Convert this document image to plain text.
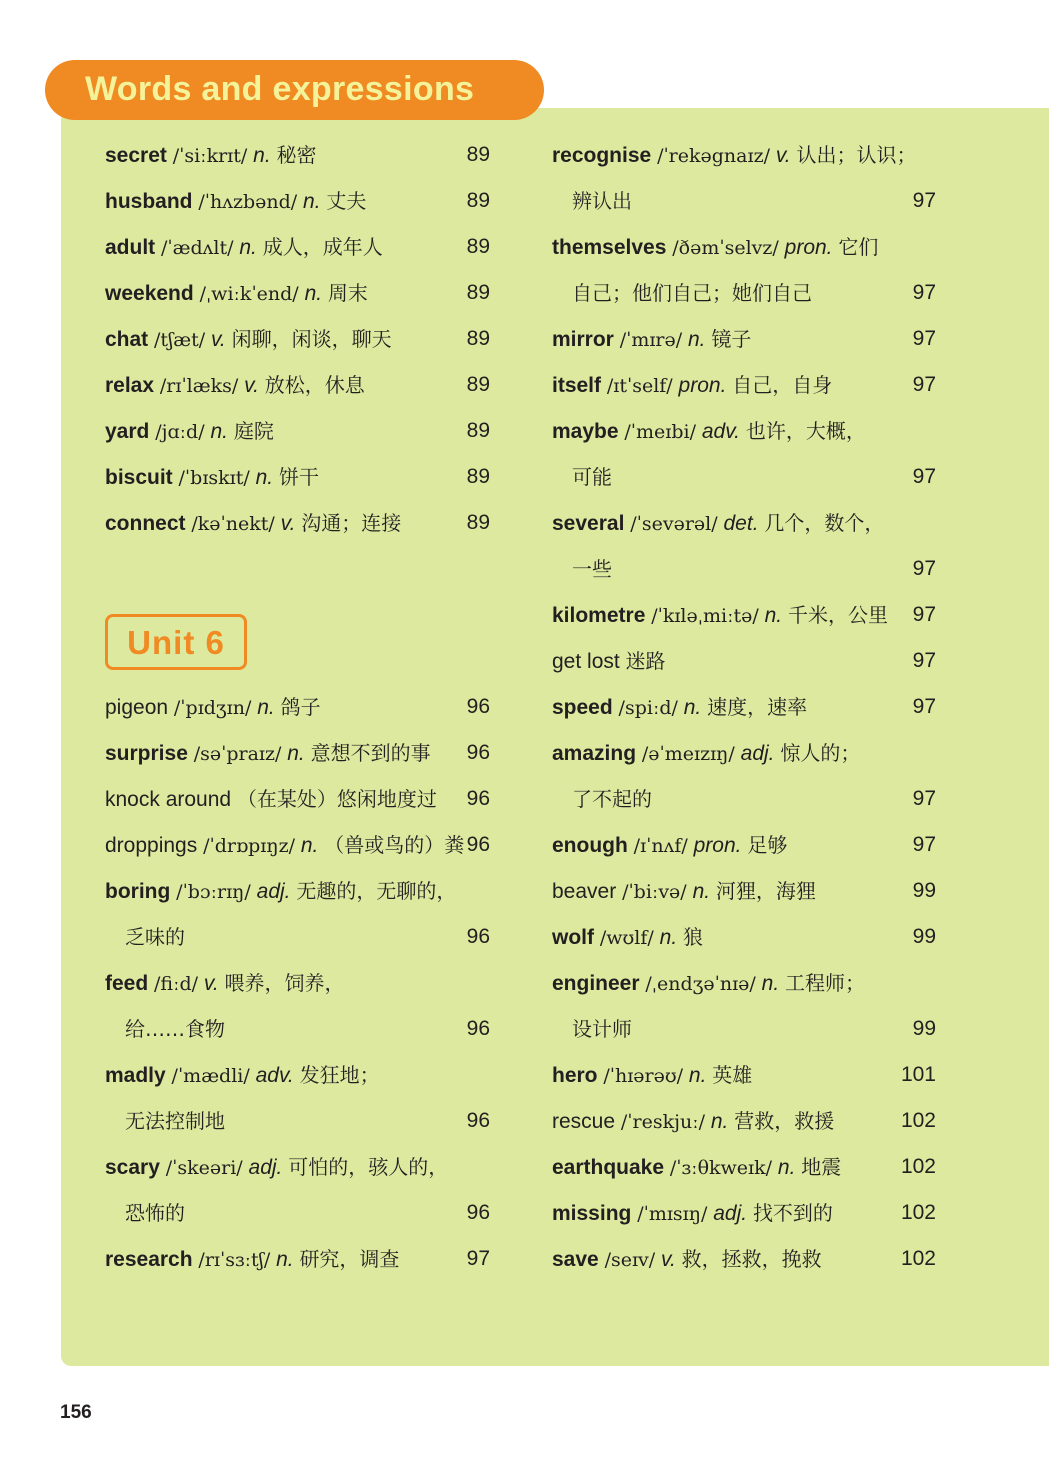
Words and expressions
Unit 6
secret /ˈsiːkrɪt/ n. 秘密	89
husband /ˈhʌzbənd/ n. 丈夫	89
adult /ˈædʌlt/ n. 成人，成年人	89
weekend /ˌwiːkˈend/ n. 周末	89
chat /tʃæt/ v. 闲聊，闲谈，聊天	89
relax /rɪˈlæks/ v. 放松，休息	89
yard /jɑːd/ n. 庭院	89
biscuit /ˈbɪskɪt/ n. 饼干	89
connect /kəˈnekt/ v. 沟通；连接	89
pigeon /ˈpɪdʒɪn/ n. 鸽子	96
surprise /səˈpraɪz/ n. 意想不到的事	96
knock around （在某处）悠闲地度过	96
droppings /ˈdrɒpɪŋz/ n. （兽或鸟的）粪 96
boring /ˈbɔːrɪŋ/ adj. 无趣的，无聊的，
乏味的	96
feed /fiːd/ v. 喂养，饲养，
给……食物	96
madly /ˈmædli/ adv. 发狂地；
无法控制地	96
scary /ˈskeəri/ adj. 可怕的，骇人的，
恐怖的	96
research /rɪˈsɜːtʃ/ n. 研究，调查	97
recognise /ˈrekəgnaɪz/ v. 认出；认识；
辨认出	97
themselves /ðəmˈselvz/ pron. 它们
自己；他们自己；她们自己	97
mirror /ˈmɪrə/ n. 镜子	97
itself /ɪtˈself/ pron. 自己，自身	97
maybe /ˈmeɪbi/ adv. 也许，大概，
可能	97
several /ˈsevərəl/ det. 几个，数个，
一些	97
kilometre /ˈkɪləˌmiːtə/ n. 千米，公里	97
get lost 迷路	97
speed /spiːd/ n. 速度，速率	97
amazing /əˈmeɪzɪŋ/ adj. 惊人的；
了不起的	97
enough /ɪˈnʌf/ pron. 足够	97
beaver /ˈbiːvə/ n. 河狸，海狸	99
wolf /wʊlf/ n. 狼	99
engineer /ˌendʒəˈnɪə/ n. 工程师；
设计师	99
hero /ˈhɪərəʊ/ n. 英雄	101
rescue /ˈreskjuː/ n. 营救，救援	102
earthquake /ˈɜːθkweɪk/ n. 地震	102
missing /ˈmɪsɪŋ/ adj. 找不到的	102
save /seɪv/ v. 救，拯救，挽救	102
156
